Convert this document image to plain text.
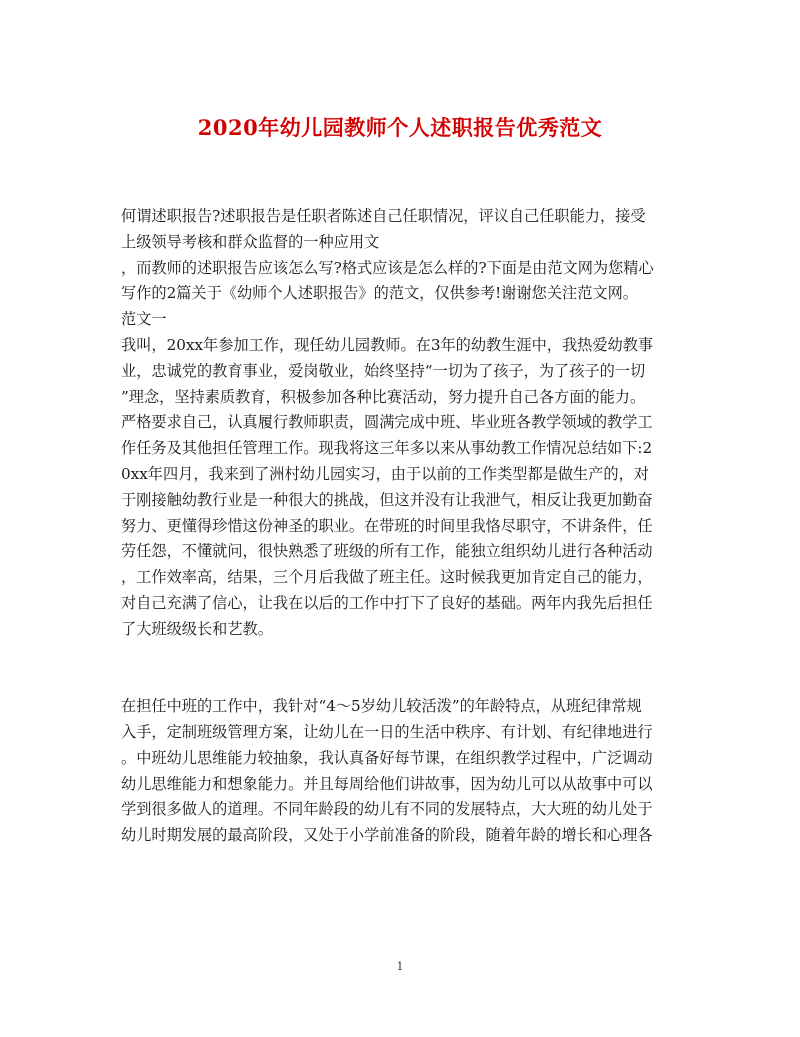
2020年幼儿园教师个人述职报告优秀范文
何谓述职报告?述职报告是任职者陈述自己任职情况，评议自己任职能力，接受
上级领导考核和群众监督的一种应用文
，而教师的述职报告应该怎么写?格式应该是怎么样的?下面是由范文网为您精心
写作的2篇关于《幼师个人述职报告》的范文，仅供参考!谢谢您关注范文网。
范文一
我叫，20xx年参加工作，现任幼儿园教师。在3年的幼教生涯中，我热爱幼教事
业，忠诚党的教育事业，爱岗敬业，始终坚持“一切为了孩子，为了孩子的一切
”理念，坚持素质教育，积极参加各种比赛活动，努力提升自己各方面的能力。
严格要求自己，认真履行教师职责，圆满完成中班、毕业班各教学领域的教学工
作任务及其他担任管理工作。现我将这三年多以来从事幼教工作情况总结如下:2
0xx年四月，我来到了洲村幼儿园实习，由于以前的工作类型都是做生产的，对
于刚接触幼教行业是一种很大的挑战，但这并没有让我泄气，相反让我更加勤奋
努力、更懂得珍惜这份神圣的职业。在带班的时间里我恪尽职守，不讲条件，任
劳任怨，不懂就问，很快熟悉了班级的所有工作，能独立组织幼儿进行各种活动
，工作效率高，结果，三个月后我做了班主任。这时候我更加肯定自己的能力，
对自己充满了信心，让我在以后的工作中打下了良好的基础。两年内我先后担任
了大班级级长和艺教。
在担任中班的工作中，我针对“4～5岁幼儿较活泼”的年龄特点，从班纪律常规
入手，定制班级管理方案，让幼儿在一日的生活中秩序、有计划、有纪律地进行
。中班幼儿思维能力较抽象，我认真备好每节课，在组织教学过程中，广泛调动
幼儿思维能力和想象能力。并且每周给他们讲故事，因为幼儿可以从故事中可以
学到很多做人的道理。不同年龄段的幼儿有不同的发展特点，大大班的幼儿处于
幼儿时期发展的最高阶段，又处于小学前准备的阶段，随着年龄的增长和心理各
1
